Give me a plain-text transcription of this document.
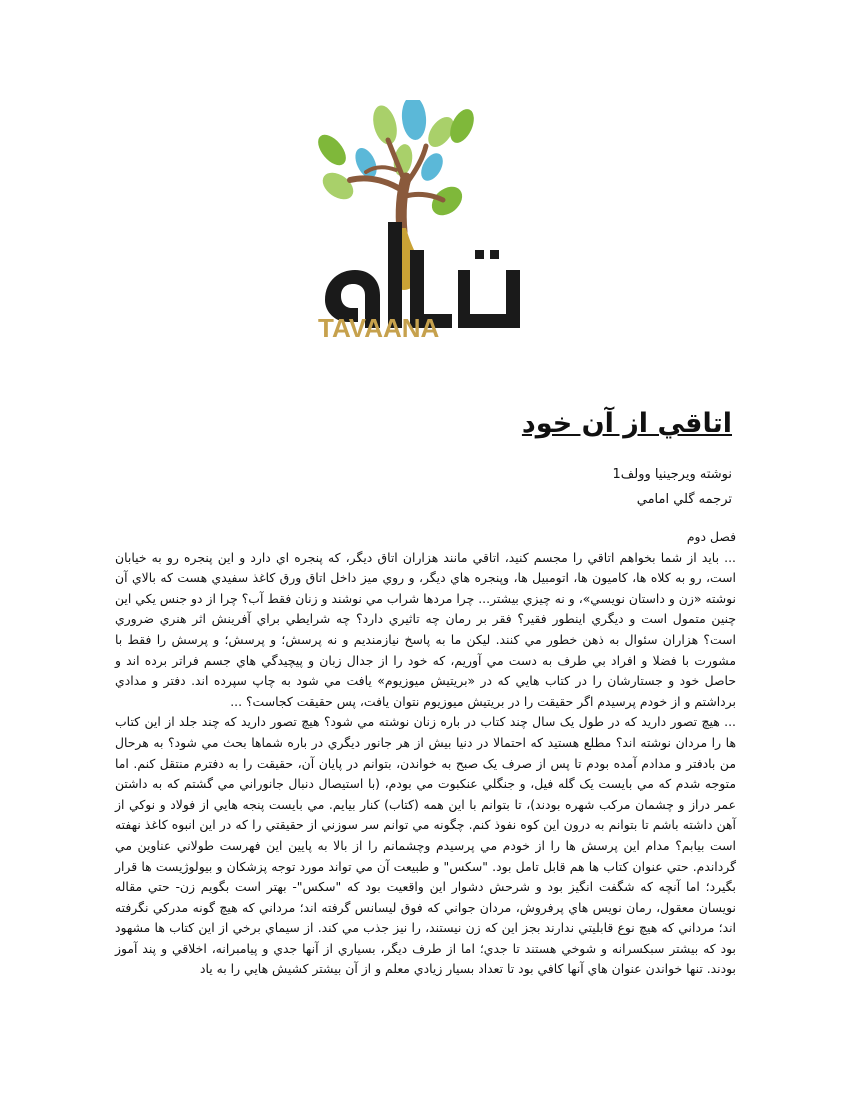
TAVAANA
اتاقي از آن خود
نوشته ويرجينيا وولف1
ترجمه گلي امامي
فصل دوم

... بايد از شما بخواهم اتاقي را مجسم كنيد، اتاقي مانند هزاران اتاق ديگر، كه پنجره اي دارد و اين پنجره رو به خيابان است، رو به كلاه ها، كاميون ها، اتومبيل ها، وپنجره هاي ديگر، و روي ميز داخل اتاق ورق كاغذ سفيدي هست كه بالاي آن نوشته «زن و داستان نويسي»، و نه چيزي بيشتر... چرا مردها شراب مي نوشند و زنان فقط آب؟ چرا از دو جنس يكي اين چنين متمول است و ديگري اينطور فقير؟ فقر بر رمان چه تاثيري دارد؟ چه شرايطي براي آفرينش اثر هنري ضروري است؟ هزاران سئوال به ذهن خطور مي كنند. ليكن ما به پاسخ نيازمنديم و نه پرسش؛ و پرسش؛ و پرسش را فقط با مشورت با فضلا و افراد بي طرف به دست مي آوريم، كه خود را از جدال زبان و پيچيدگي هاي جسم فراتر برده اند و حاصل خود و جستارشان را در كتاب هايي كه در «بريتيش ميوزيوم» يافت مي شود به چاپ سپرده اند. دفتر و مدادي برداشتم و از خودم پرسيدم اگر حقيقت را در بريتيش ميوزيوم نتوان يافت، پس حقيقت كجاست؟ ...

... هيچ تصور داريد كه در طول يک سال چند كتاب در باره زنان نوشته مي شود؟ هيچ تصور داريد كه چند جلد از اين كتاب ها را مردان نوشته اند؟ مطلع هستيد كه احتمالا در دنيا بيش از هر جانور ديگري در باره شماها بحث مي شود؟ به هرحال من بادفتر و مدادم آمده بودم تا پس از صرف يک صبح به خواندن، بتوانم در پايان آن، حقيقت را به دفترم منتقل كنم. اما متوجه شدم كه مي بايست يک گله فيل، و جنگلي عنكبوت مي بودم، (با استيصال دنبال جانوراني مي گشتم كه به داشتن عمر دراز و چشمان مركب شهره بودند)، تا بتوانم با اين همه (كتاب) كنار بيايم. مي بايست پنجه هايي از فولاد و نوكي از آهن داشته باشم تا بتوانم به درون اين كوه نفوذ كنم. چگونه مي توانم سر سوزني از حقيقتي را كه در اين انبوه كاغذ نهفته است بيابم؟ مدام اين پرسش ها را از خودم مي پرسيدم وچشمانم را از بالا به پايين اين فهرست طولاني عناوين مي گرداندم. حتي عنوان كتاب ها هم قابل تامل بود. "سكس" و طبيعت آن مي تواند مورد توجه پزشكان و بيولوژيست ها قرار بگيرد؛ اما آنچه كه شگفت انگيز بود و شرحش دشوار اين واقعيت بود كه "سكس"- بهتر است بگويم زن- حتي مقاله نويسان معقول، رمان نويس هاي پرفروش، مردان جواني كه فوق ليسانس گرفته اند؛ مرداني كه هيچ گونه مدركي نگرفته اند؛ مرداني كه هيچ نوع قابليتي ندارند بجز اين كه زن نيستند، را نيز جذب مي كند. از سيماي برخي از اين كتاب ها مشهود بود كه بيشتر سبكسرانه و شوخي هستند تا جدي؛ اما از طرف ديگر، بسياري از آنها جدي و پيامبرانه، اخلاقي و پند آموز بودند. تنها خواندن عنوان هاي آنها كافي بود تا تعداد بسيار زيادي معلم و از آن بيشتر كشيش هايي را به ياد
